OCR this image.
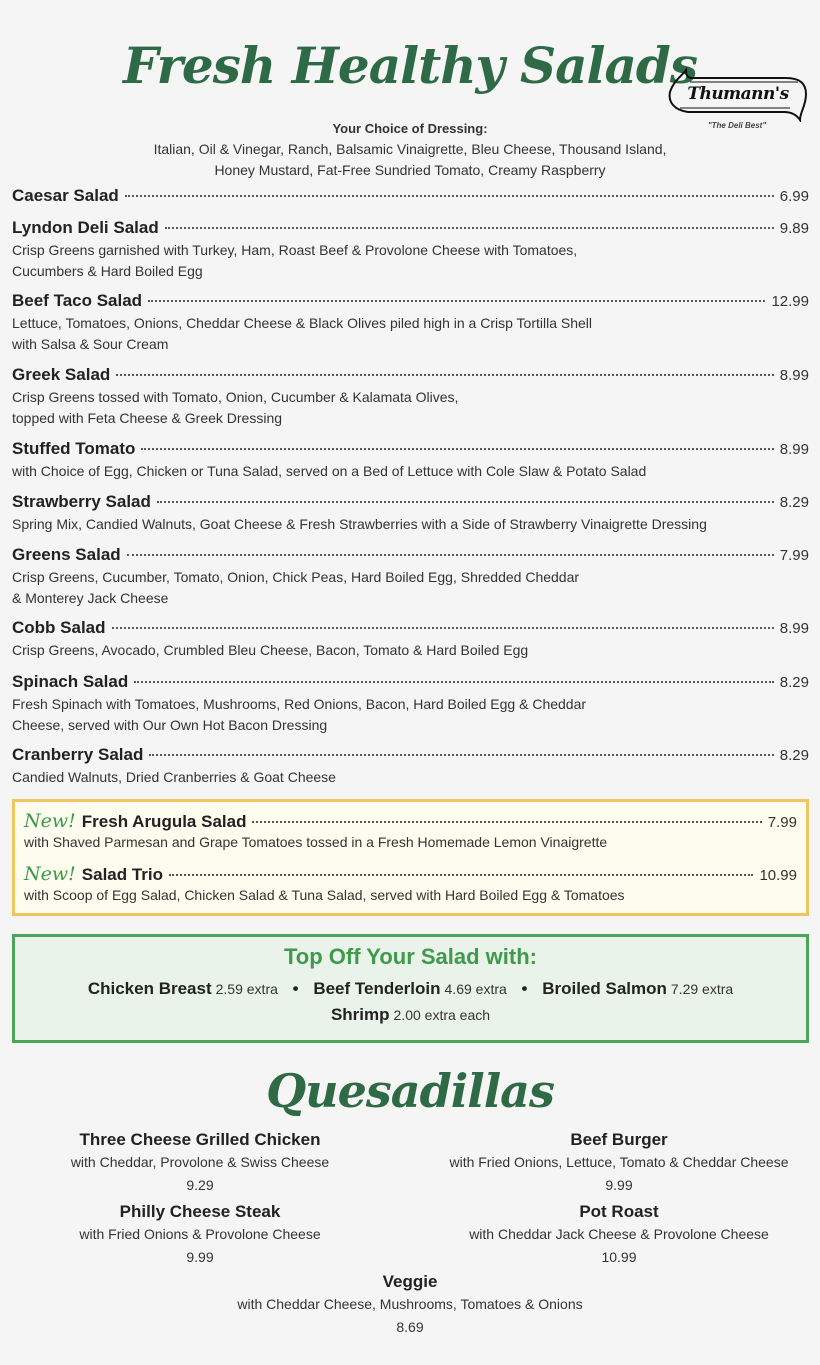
Fresh Healthy Salads
Thumann's
"The Deli Best"
Your Choice of Dressing:
Italian, Oil & Vinegar, Ranch, Balsamic Vinaigrette, Bleu Cheese, Thousand Island,
Honey Mustard, Fat-Free Sundried Tomato, Creamy Raspberry
Caesar Salad	6.99
Lyndon Deli Salad	9.89
Crisp Greens garnished with Turkey, Ham, Roast Beef & Provolone Cheese with Tomatoes,
Cucumbers & Hard Boiled Egg
Beef Taco Salad	12.99
Lettuce, Tomatoes, Onions, Cheddar Cheese & Black Olives piled high in a Crisp Tortilla Shell
with Salsa & Sour Cream
Greek Salad	8.99
Crisp Greens tossed with Tomato, Onion, Cucumber & Kalamata Olives,
topped with Feta Cheese & Greek Dressing
Stuffed Tomato	8.99
with Choice of Egg, Chicken or Tuna Salad, served on a Bed of Lettuce with Cole Slaw & Potato Salad
Strawberry Salad	8.29
Spring Mix, Candied Walnuts, Goat Cheese & Fresh Strawberries with a Side of Strawberry Vinaigrette Dressing
Greens Salad	7.99
Crisp Greens, Cucumber, Tomato, Onion, Chick Peas, Hard Boiled Egg, Shredded Cheddar
& Monterey Jack Cheese
Cobb Salad	8.99
Crisp Greens, Avocado, Crumbled Bleu Cheese, Bacon, Tomato & Hard Boiled Egg
Spinach Salad	8.29
Fresh Spinach with Tomatoes, Mushrooms, Red Onions, Bacon, Hard Boiled Egg & Cheddar
Cheese, served with Our Own Hot Bacon Dressing
Cranberry Salad	8.29
Candied Walnuts, Dried Cranberries & Goat Cheese
New! Fresh Arugula Salad	7.99
with Shaved Parmesan and Grape Tomatoes tossed in a Fresh Homemade Lemon Vinaigrette
New! Salad Trio	10.99
with Scoop of Egg Salad, Chicken Salad & Tuna Salad, served with Hard Boiled Egg & Tomatoes
Top Off Your Salad with:
Chicken Breast 2.59 extra • Beef Tenderloin 4.69 extra • Broiled Salmon 7.29 extra
Shrimp 2.00 extra each
Quesadillas
Three Cheese Grilled Chicken
with Cheddar, Provolone & Swiss Cheese
9.29
Beef Burger
with Fried Onions, Lettuce, Tomato & Cheddar Cheese
9.99
Philly Cheese Steak
with Fried Onions & Provolone Cheese
9.99
Pot Roast
with Cheddar Jack Cheese & Provolone Cheese
10.99
Veggie
with Cheddar Cheese, Mushrooms, Tomatoes & Onions
8.69
